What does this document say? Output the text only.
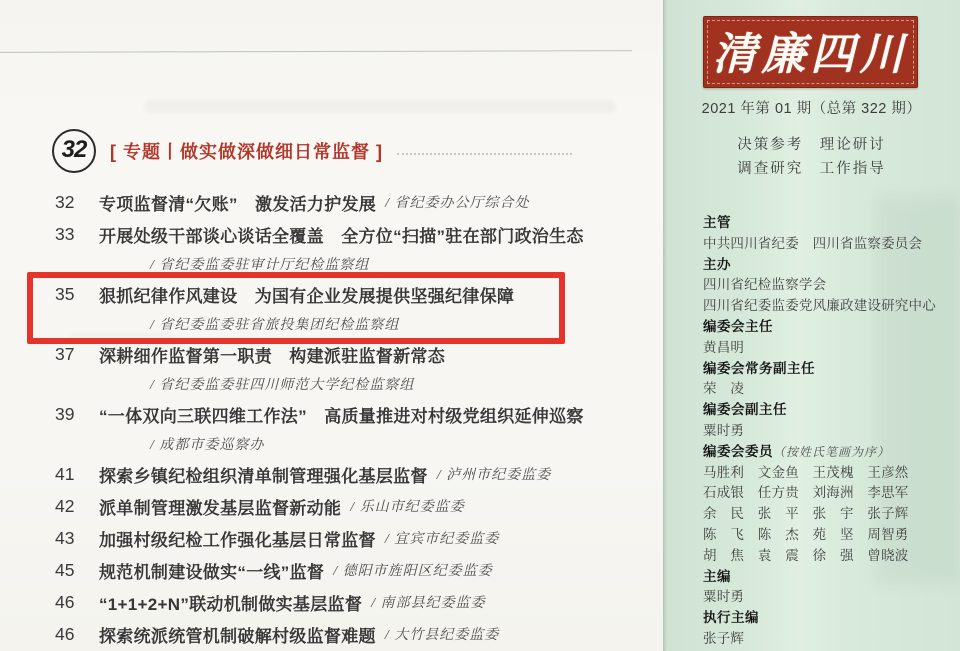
32 [ 专题丨做实做深做细日常监督 ]
32	专项监督清“欠账”　激发活力护发展 / 省纪委办公厅综合处
33	开展处级干部谈心谈话全覆盖　全方位“扫描”驻在部门政治生态
/ 省纪委监委驻审计厅纪检监察组
35	狠抓纪律作风建设　为国有企业发展提供坚强纪律保障
/ 省纪委监委驻省旅投集团纪检监察组
37	深耕细作监督第一职责　构建派驻监督新常态
/ 省纪委监委驻四川师范大学纪检监察组
39	“一体双向三联四维工作法”　高质量推进对村级党组织延伸巡察
/ 成都市委巡察办
41	探索乡镇纪检组织清单制管理强化基层监督 / 泸州市纪委监委
42	派单制管理激发基层监督新动能 / 乐山市纪委监委
43	加强村级纪检工作强化基层日常监督 / 宜宾市纪委监委
45	规范机制建设做实“一线”监督 / 德阳市旌阳区纪委监委
46	“1+1+2+N”联动机制做实基层监督 / 南部县纪委监委
46	探索统派统管机制破解村级监督难题 / 大竹县纪委监委
清廉四川
2021 年第 01 期（总第 322 期）
决策参考　理论研讨
调查研究　工作指导
主管
中共四川省纪委　四川省监察委员会
主办
四川省纪检监察学会
四川省纪委监委党风廉政建设研究中心
编委会主任
黄昌明
编委会常务副主任
荣　凌
编委会副主任
粟时勇
编委会委员（按姓氏笔画为序）
马胜利　文金鱼　王茂槐　王彦然
石成银　任方贵　刘海洲　李思军
余　民　张　平　张　宇　张子辉
陈　飞　陈　杰　苑　坚　周智勇
胡　焦　袁　震　徐　强　曾晓波
主编
粟时勇
执行主编
张子辉
